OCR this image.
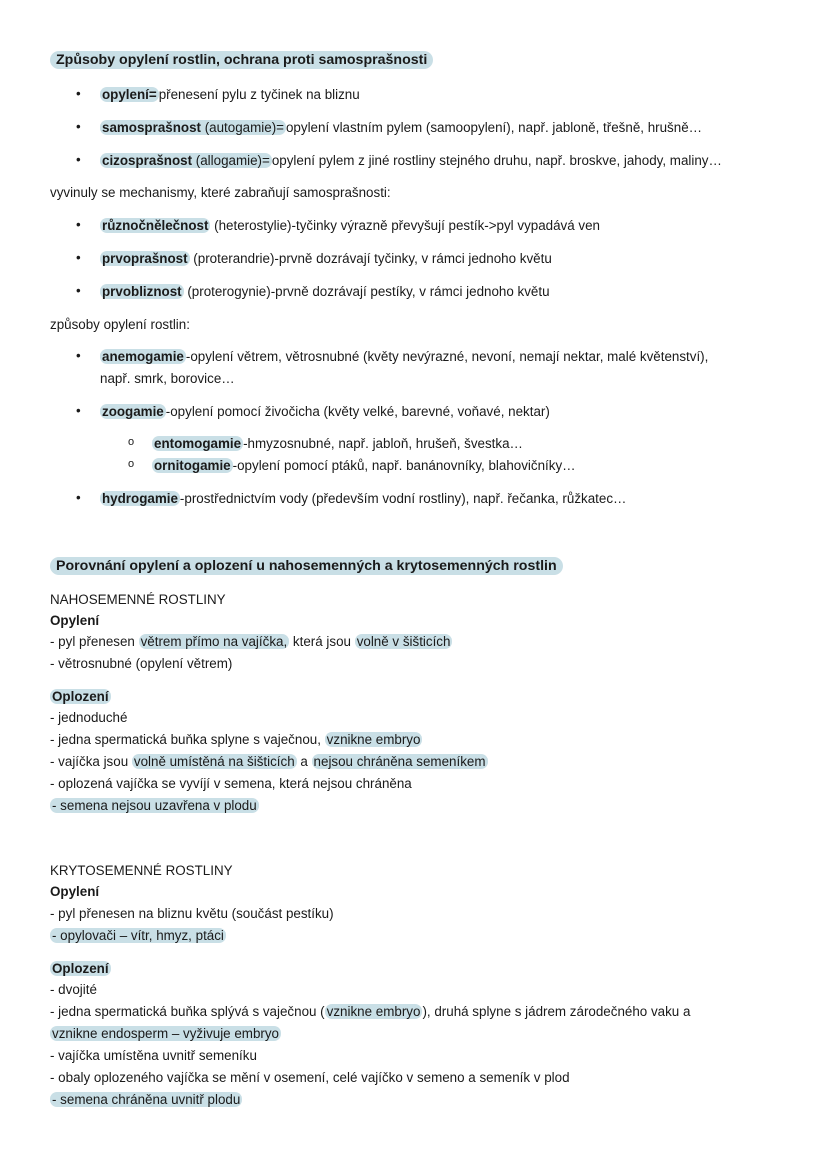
Způsoby opylení rostlin, ochrana proti samosprašnosti
• opylení= přenesení pylu z tyčinek na bliznu
• samosprašnost (autogamie)= opylení vlastním pylem (samoopylení), např. jabloně, třešně, hrušně…
• cizosprašnost (allogamie)= opylení pylem z jiné rostliny stejného druhu, např. broskve, jahody, maliny…
vyvinuly se mechanismy, které zabraňují samosprašnosti:
• různočnělečnost (heterostylie)-tyčinky výrazně převyšují pestík->pyl vypadává ven
• prvoprašnost (proterandrie)-prvně dozrávají tyčinky, v rámci jednoho květu
• prvobliznost (proterogynie)-prvně dozrávají pestíky, v rámci jednoho květu
způsoby opylení rostlin:
• anemogamie -opylení větrem, větrosnubné (květy nevýrazné, nevoní, nemají nektar, malé květenství),
např. smrk, borovice…
• zoogamie -opylení pomocí živočicha (květy velké, barevné, voňavé, nektar)
o entomogamie -hmyzosnubné, např. jabloň, hrušeň, švestka…
o ornitogamie -opylení pomocí ptáků, např. banánovníky, blahovičníky…
• hydrogamie -prostřednictvím vody (především vodní rostliny), např. řečanka, růžkatec…
Porovnání opylení a oplození u nahosemenných a krytosemenných rostlin
NAHOSEMENNÉ ROSTLINY
Opylení
- pyl přenesen větrem přímo na vajíčka, která jsou volně v šišticích
- větrosnubné (opylení větrem)
Oplození
- jednoduché
- jedna spermatická buňka splyne s vaječnou, vznikne embryo
- vajíčka jsou volně umístěná na šišticích a nejsou chráněna semeníkem
- oplozená vajíčka se vyvíjí v semena, která nejsou chráněna
- semena nejsou uzavřena v plodu
KRYTOSEMENNÉ ROSTLINY
Opylení
- pyl přenesen na bliznu květu (součást pestíku)
- opylovači – vítr, hmyz, ptáci
Oplození
- dvojité
- jedna spermatická buňka splývá s vaječnou ( vznikne embryo ), druhá splyne s jádrem zárodečného vaku a
vznikne endosperm – vyživuje embryo
- vajíčka umístěna uvnitř semeníku
- obaly oplozeného vajíčka se mění v osemení, celé vajíčko v semeno a semeník v plod
- semena chráněna uvnitř plodu
